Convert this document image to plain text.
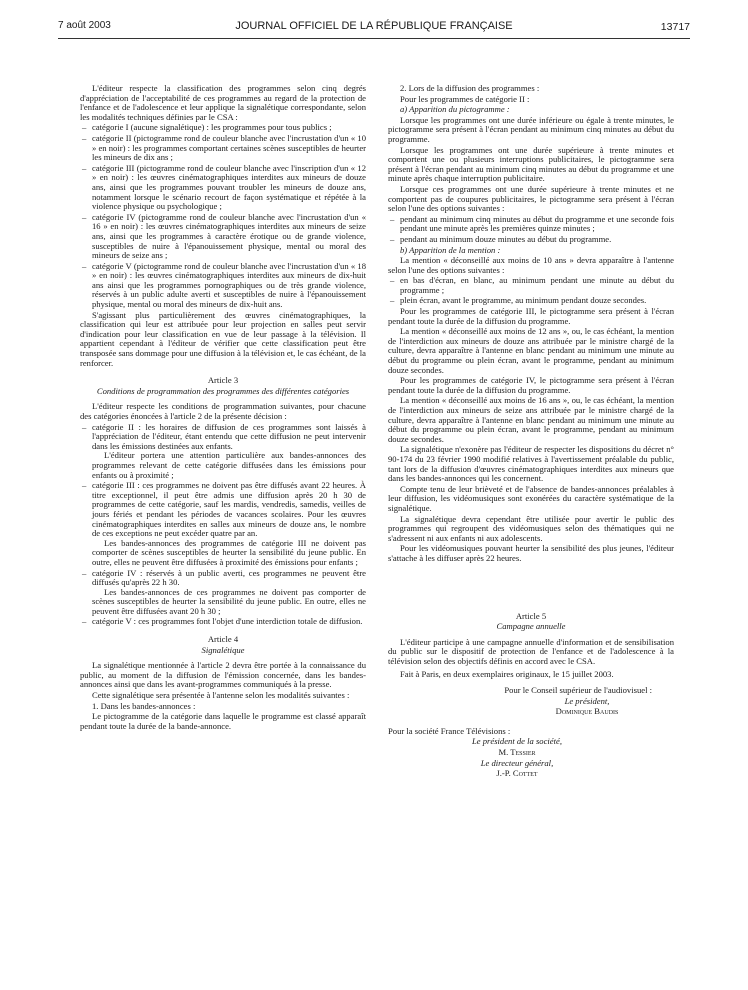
7 août 2003	JOURNAL OFFICIEL DE LA RÉPUBLIQUE FRANÇAISE	13717

L'éditeur respecte la classification des programmes selon cinq degrés d'appréciation de l'acceptabilité de ces programmes au regard de la protection de l'enfance et de l'adolescence et leur applique la signalétique correspondante, selon les modalités techniques définies par le CSA :

– catégorie I (aucune signalétique) : les programmes pour tous publics ;
– catégorie II (pictogramme rond de couleur blanche avec l'incrustation d'un « 10 » en noir) : les programmes comportant certaines scènes susceptibles de heurter les mineurs de dix ans ;
– catégorie III (pictogramme rond de couleur blanche avec l'inscription d'un « 12 » en noir) : les œuvres cinématographiques interdites aux mineurs de douze ans, ainsi que les programmes pouvant troubler les mineurs de douze ans, notamment lorsque le scénario recourt de façon systématique et répétée à la violence physique ou psychologique ;
– catégorie IV (pictogramme rond de couleur blanche avec l'incrustation d'un « 16 » en noir) : les œuvres cinématographiques interdites aux mineurs de seize ans, ainsi que les programmes à caractère érotique ou de grande violence, susceptibles de nuire à l'épanouissement physique, mental ou moral des mineurs de seize ans ;
– catégorie V (pictogramme rond de couleur blanche avec l'incrustation d'un « 18 » en noir) : les œuvres cinématographiques interdites aux mineurs de dix-huit ans ainsi que les programmes pornographiques ou de très grande violence, réservés à un public adulte averti et susceptibles de nuire à l'épanouissement physique, mental ou moral des mineurs de dix-huit ans.

S'agissant plus particulièrement des œuvres cinématographiques, la classification qui leur est attribuée pour leur projection en salles peut servir d'indication pour leur classification en vue de leur passage à la télévision. Il appartient cependant à l'éditeur de vérifier que cette classification peut être transposée sans dommage pour une diffusion à la télévision et, le cas échéant, de la renforcer.

Article 3

Conditions de programmation des programmes des différentes catégories

L'éditeur respecte les conditions de programmation suivantes, pour chacune des catégories énoncées à l'article 2 de la présente décision :

– catégorie II : les horaires de diffusion de ces programmes sont laissés à l'appréciation de l'éditeur, étant entendu que cette diffusion ne peut intervenir dans les émissions destinées aux enfants.

L'éditeur portera une attention particulière aux bandes-annonces des programmes relevant de cette catégorie diffusées dans les émissions pour enfants ou à proximité ;

– catégorie III : ces programmes ne doivent pas être diffusés avant 22 heures. À titre exceptionnel, il peut être admis une diffusion après 20 h 30 de programmes de cette catégorie, sauf les mardis, vendredis, samedis, veilles de jours fériés et pendant les périodes de vacances scolaires. Pour les œuvres cinématographiques interdites en salles aux mineurs de douze ans, le nombre de ces exceptions ne peut excéder quatre par an.

Les bandes-annonces des programmes de catégorie III ne doivent pas comporter de scènes susceptibles de heurter la sensibilité du jeune public. En outre, elles ne peuvent être diffusées à proximité des émissions pour enfants ;

– catégorie IV : réservés à un public averti, ces programmes ne peuvent être diffusés qu'après 22 h 30.

Les bandes-annonces de ces programmes ne doivent pas comporter de scènes susceptibles de heurter la sensibilité du jeune public. En outre, elles ne peuvent être diffusées avant 20 h 30 ;

– catégorie V : ces programmes font l'objet d'une interdiction totale de diffusion.

Article 4

Signalétique

La signalétique mentionnée à l'article 2 devra être portée à la connaissance du public, au moment de la diffusion de l'émission concernée, dans les bandes-annonces ainsi que dans les avant-programmes communiqués à la presse.

Cette signalétique sera présentée à l'antenne selon les modalités suivantes :

1. Dans les bandes-annonces :

Le pictogramme de la catégorie dans laquelle le programme est classé apparaît pendant toute la durée de la bande-annonce.

2. Lors de la diffusion des programmes :

Pour les programmes de catégorie II :

a) Apparition du pictogramme :

Lorsque les programmes ont une durée inférieure ou égale à trente minutes, le pictogramme sera présent à l'écran pendant au minimum cinq minutes au début du programme.

Lorsque les programmes ont une durée supérieure à trente minutes et comportent une ou plusieurs interruptions publicitaires, le pictogramme sera présent à l'écran pendant au minimum cinq minutes au début du programme et une minute après chaque interruption publicitaire.

Lorsque ces programmes ont une durée supérieure à trente minutes et ne comportent pas de coupures publicitaires, le pictogramme sera présent à l'écran selon l'une des options suivantes :

– pendant au minimum cinq minutes au début du programme et une seconde fois pendant une minute après les premières quinze minutes ;
– pendant au minimum douze minutes au début du programme.

b) Apparition de la mention :

La mention « déconseillé aux moins de 10 ans » devra apparaître à l'antenne selon l'une des options suivantes :

– en bas d'écran, en blanc, au minimum pendant une minute au début du programme ;
– plein écran, avant le programme, au minimum pendant douze secondes.

Pour les programmes de catégorie III, le pictogramme sera présent à l'écran pendant toute la durée de la diffusion du programme.

La mention « déconseillé aux moins de 12 ans », ou, le cas échéant, la mention de l'interdiction aux mineurs de douze ans attribuée par le ministre chargé de la culture, devra apparaître à l'antenne en blanc pendant au minimum une minute au début du programme ou plein écran, avant le programme, pendant au minimum douze secondes.

Pour les programmes de catégorie IV, le pictogramme sera présent à l'écran pendant toute la durée de la diffusion du programme.

La mention « déconseillé aux moins de 16 ans », ou, le cas échéant, la mention de l'interdiction aux mineurs de seize ans attribuée par le ministre chargé de la culture, devra apparaître à l'antenne en blanc pendant au minimum une minute au début du programme ou plein écran, avant le programme, pendant au minimum douze secondes.

La signalétique n'exonère pas l'éditeur de respecter les dispositions du décret n° 90-174 du 23 février 1990 modifié relatives à l'avertissement préalable du public, tant lors de la diffusion d'œuvres cinématographiques interdites aux mineurs que dans les bandes-annonces qui les concernent.

Compte tenu de leur brièveté et de l'absence de bandes-annonces préalables à leur diffusion, les vidéomusiques sont exonérées du caractère systématique de la signalétique.

La signalétique devra cependant être utilisée pour avertir le public des programmes qui regroupent des vidéomusiques selon des thématiques qui ne s'adressent ni aux enfants ni aux adolescents.

Pour les vidéomusiques pouvant heurter la sensibilité des plus jeunes, l'éditeur s'attache à les diffuser après 22 heures.

Article 5

Campagne annuelle

L'éditeur participe à une campagne annuelle d'information et de sensibilisation du public sur le dispositif de protection de l'enfance et de l'adolescence à la télévision selon des objectifs définis en accord avec le CSA.

Fait à Paris, en deux exemplaires originaux, le 15 juillet 2003.

Pour le Conseil supérieur de l'audiovisuel :

Le président,

Dominique Baudis

Pour la société France Télévisions :

Le président de la société,

M. Tessier

Le directeur général,

J.-P. Cottet
